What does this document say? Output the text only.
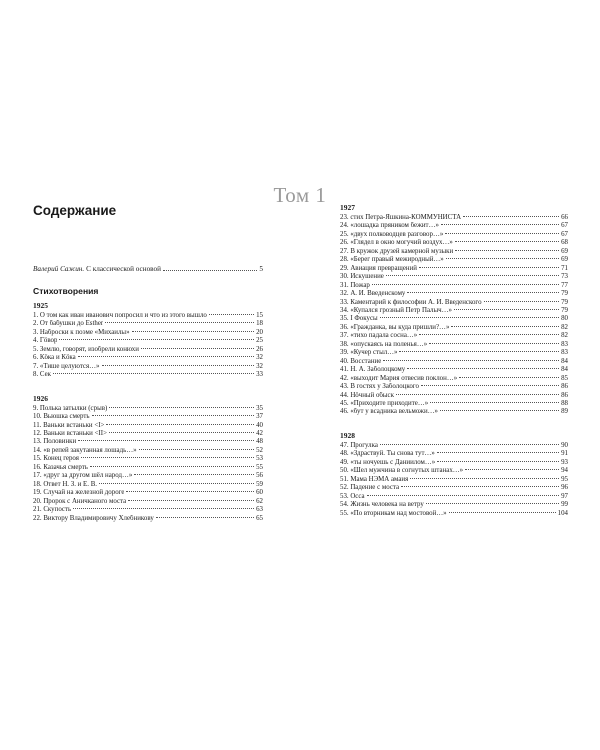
Том 1
Содержание
Валерий Сажин. С классической основой	5
Стихотворения
1925
1. О том как иван иванович попросил и что из этого вышло	15
2. От бабушки до Esther	18
3. Наброски к поэме «Михаилы»	20
4. Гӧвор	25
5. Землю, говорят, изобрели конюхи	26
6. Кӧка и Кӧка	32
7. «Тише целуются…»	32
8. Сек	33
1926
9. Полька затылки (срыв)	35
10. Вьюшка смерть	37
11. Ваньки встаньки <I>	40
12. Ваньки встаньки <II>	42
13. Половинки	48
14. «в репей закутанная лошадь…»	52
15. Конец героя	53
16. Казачья смерть	55
17. «друг за другом шёл народ…»	56
18. Ответ Н. З. и Е. В.	59
19. Случай на железной дороге	60
20. Пророк с Аничканого моста	62
21. Скупость	63
22. Виктору Владимировичу Хлебникову	65
1927
23. стих Петра-Яшкина-КОММУНИСТА	66
24. «лошадка пряником бежит…»	67
25. «двух полководцев разговор…»	67
26. «Глядел в окно могучий воздух…»	68
27. В кружок друзей камерной музыки	69
28. «Берег правый межиродный…»	69
29. Авиация превращений	71
30. Искушение	73
31. Пожар	77
32. А. И. Введенскому	79
33. Каментарий к философии А. И. Введенского	79
34. «Купался грозный Петр Палыч…»	79
35. І Фокусы	80
36. «Гражданка, вы куда пришли?…»	82
37. «тихо падала сосна…»	82
38. «опускаясь на поленья…»	83
39. «Кучер стыл…»	83
40. Восстание	84
41. Н. А. Заболоцкому	84
42. «выходит Мария отвесив поклон…»	85
43. В гостях у Заболоцкого	86
44. Нӧчный обыск	86
45. «Приходите приходите…»	88
46. «бут у всадника вельможи…»	89
1928
47. Прогулка	90
48. «Здраствуй. Ты снова тут…»	91
49. «ты ночуешь с Даниилом…»	93
50. «Шел мужчина в согнутых штанах…»	94
51. Мама НЭМА амаия	95
52. Падение с моста	96
53. Осса	97
54. Жизнь человека на ветру	99
55. «По вторникам над мостовой…»	104
